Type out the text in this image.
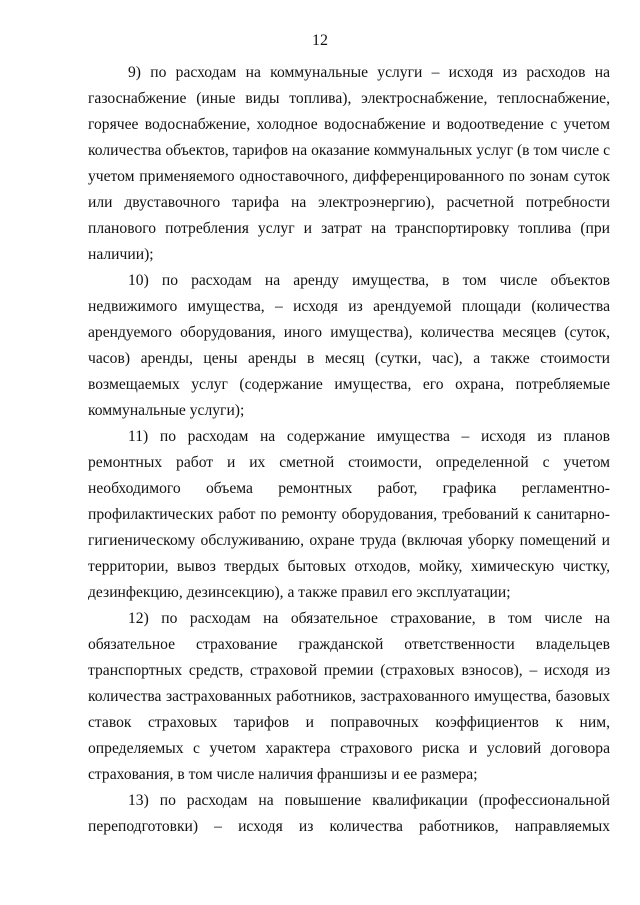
12

9) по расходам на коммунальные услуги – исходя из расходов на газоснабжение (иные виды топлива), электроснабжение, теплоснабжение, горячее водоснабжение, холодное водоснабжение и водоотведение с учетом количества объектов, тарифов на оказание коммунальных услуг (в том числе с учетом применяемого одноставочного, дифференцированного по зонам суток или двуставочного тарифа на электроэнергию), расчетной потребности планового потребления услуг и затрат на транспортировку топлива (при наличии);

10) по расходам на аренду имущества, в том числе объектов недвижимого имущества, – исходя из арендуемой площади (количества арендуемого оборудования, иного имущества), количества месяцев (суток, часов) аренды, цены аренды в месяц (сутки, час), а также стоимости возмещаемых услуг (содержание имущества, его охрана, потребляемые коммунальные услуги);

11) по расходам на содержание имущества – исходя из планов ремонтных работ и их сметной стоимости, определенной с учетом необходимого объема ремонтных работ, графика регламентно-профилактических работ по ремонту оборудования, требований к санитарно-гигиеническому обслуживанию, охране труда (включая уборку помещений и территории, вывоз твердых бытовых отходов, мойку, химическую чистку, дезинфекцию, дезинсекцию), а также правил его эксплуатации;

12) по расходам на обязательное страхование, в том числе на обязательное страхование гражданской ответственности владельцев транспортных средств, страховой премии (страховых взносов), – исходя из количества застрахованных работников, застрахованного имущества, базовых ставок страховых тарифов и поправочных коэффициентов к ним, определяемых с учетом характера страхового риска и условий договора страхования, в том числе наличия франшизы и ее размера;

13) по расходам на повышение квалификации (профессиональной переподготовки) – исходя из количества работников, направляемых
